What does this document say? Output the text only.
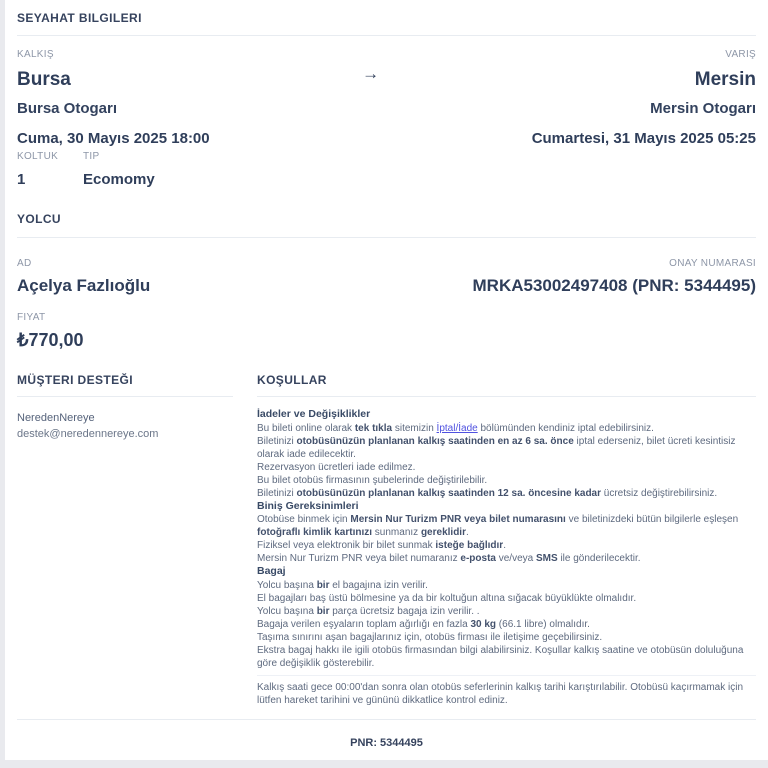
SEYAHAT BILGILERI
KALKIŞ
Bursa
Bursa Otogarı
Cuma, 30 Mayıs 2025 18:00
KOLTUK
1
TIP
Ecomomy
→
VARIŞ
Mersin
Mersin Otogarı
Cumartesi, 31 Mayıs 2025 05:25
YOLCU
AD
Açelya Fazlıoğlu
ONAY NUMARASI
MRKA53002497408 (PNR: 5344495)
FIYAT
₺770,00
MÜŞTERI DESTEĞI
NeredenNereye
destek@neredennereye.com
KOŞULLAR
İadeler ve Değişiklikler
Bu bileti online olarak tek tıkla sitemizin İptal/İade bölümünden kendiniz iptal edebilirsiniz.
Biletinizi otobüsünüzün planlanan kalkış saatinden en az 6 sa. önce iptal ederseniz, bilet ücreti kesintisiz olarak iade edilecektir.
Rezervasyon ücretleri iade edilmez.
Bu bilet otobüs firmasının şubelerinde değiştirilebilir.
Biletinizi otobüsünüzün planlanan kalkış saatinden 12 sa. öncesine kadar ücretsiz değiştirebilirsiniz.
Biniş Gereksinimleri
Otobüse binmek için Mersin Nur Turizm PNR veya bilet numarasını ve biletinizdeki bütün bilgilerle eşleşen fotoğraflı kimlik kartınızı sunmanız gereklidir.
Fiziksel veya elektronik bir bilet sunmak isteğe bağlıdır.
Mersin Nur Turizm PNR veya bilet numaranız e-posta ve/veya SMS ile gönderilecektir.
Bagaj
Yolcu başına bir el bagajına izin verilir.
El bagajları baş üstü bölmesine ya da bir koltuğun altına sığacak büyüklükte olmalıdır.
Yolcu başına bir parça ücretsiz bagaja izin verilir. .
Bagaja verilen eşyaların toplam ağırlığı en fazla 30 kg (66.1 libre) olmalıdır.
Taşıma sınırını aşan bagajlarınız için, otobüs firması ile iletişime geçebilirsiniz.
Ekstra bagaj hakkı ile igili otobüs firmasından bilgi alabilirsiniz. Koşullar kalkış saatine ve otobüsün doluluğuna göre değişiklik gösterebilir.
Kalkış saati gece 00:00'dan sonra olan otobüs seferlerinin kalkış tarihi karıştırılabilir. Otobüsü kaçırmamak için lütfen hareket tarihini ve gününü dikkatlice kontrol ediniz.
PNR: 5344495
